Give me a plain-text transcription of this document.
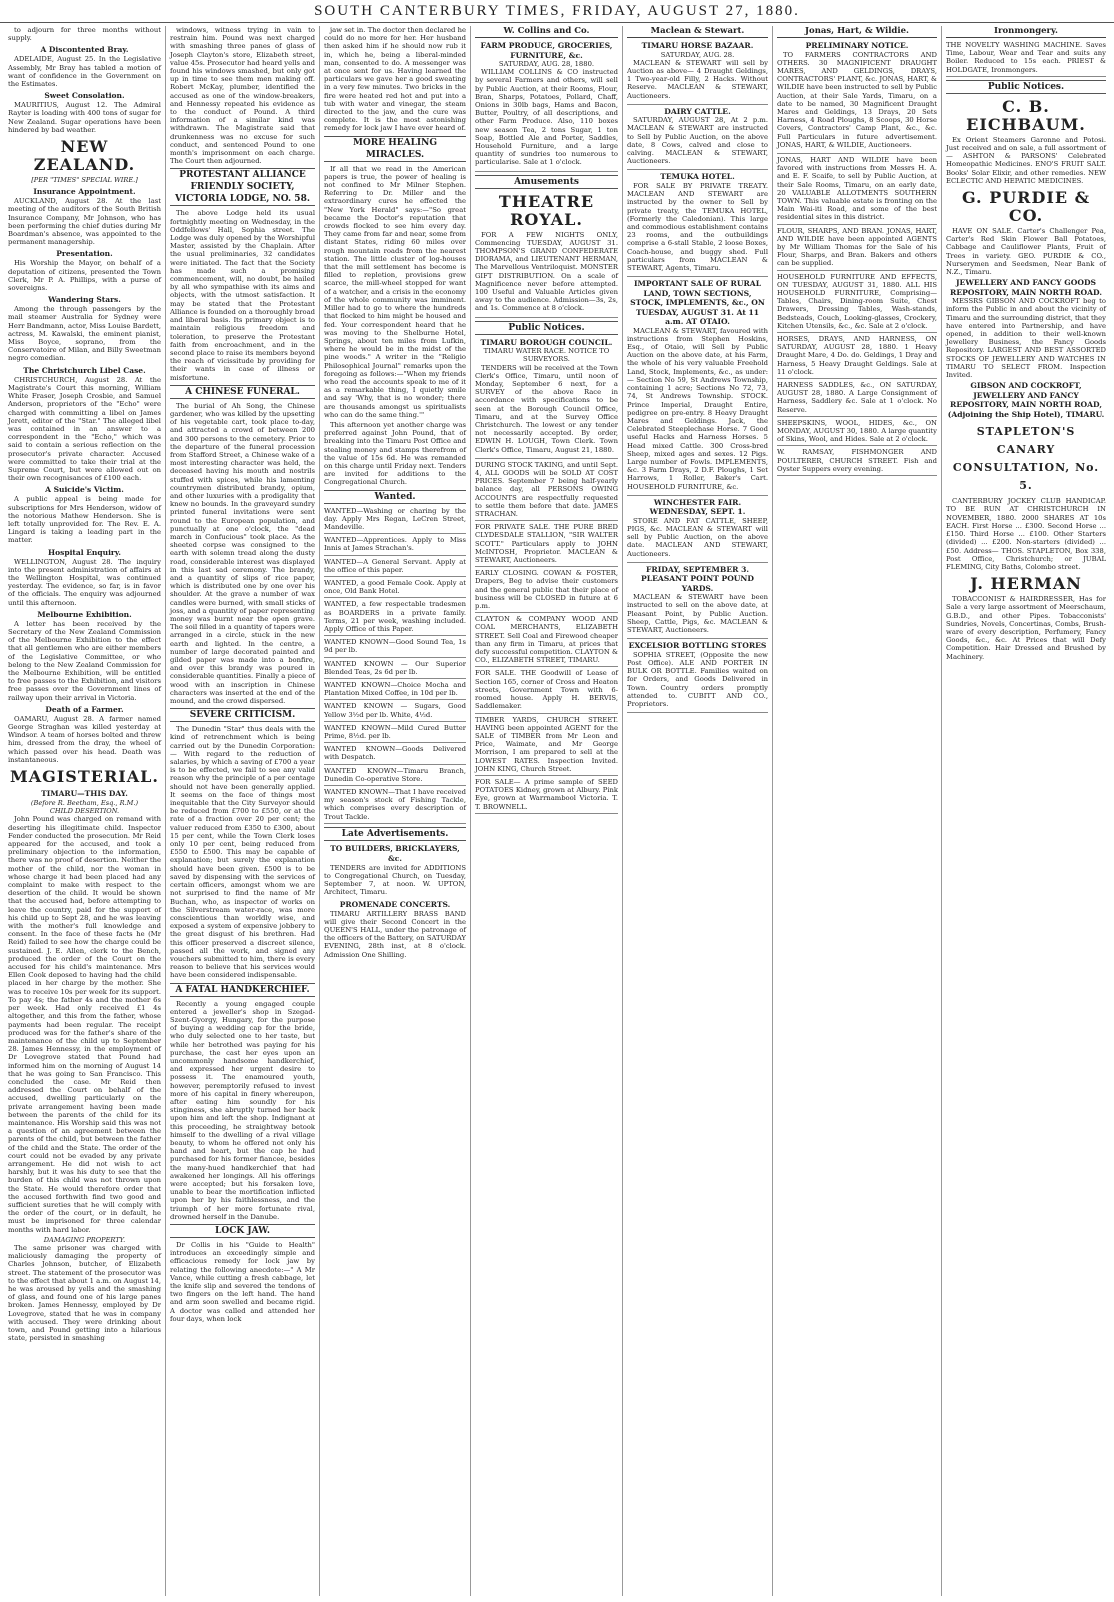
SOUTH CANTERBURY TIMES, FRIDAY, AUGUST 27, 1880.

to adjourn for three months without supply.

A Discontented Bray.

ADELAIDE, August 25. In the Legislative Assembly, Mr Bray has tabled a motion of want of confidence in the Government on the Estimates.

Sweet Consolation.

MAURITIUS, August 12. The Admiral Rayter is loading with 400 tons of sugar for New Zealand. Sugar operations have been hindered by bad weather.

NEW ZEALAND.
[PER "TIMES" SPECIAL WIRE.]
Insurance Appointment.

AUCKLAND, August 28. At the last meeting of the auditors of the South British Insurance Company, Mr Johnson, who has been performing the chief duties during Mr Boardman's absence, was appointed to the permanent managership.

Presentation.

His Worship the Mayor, on behalf of a deputation of citizens, presented the Town Clerk, Mr P. A. Phillips, with a purse of sovereigns.

Wandering Stars.

Among the through passengers by the mail steamer Australia for Sydney were Herr Bandmann, actor, Miss Louise Bardett, actress, M. Kawalski, the eminent pianist, Miss Boyce, soprano, from the Conservatoire of Milan, and Billy Sweetman negro comedian.

The Christchurch Libel Case.

CHRISTCHURCH, August 28. At the Magistrate's Court this morning, William White Fraser, Joseph Crosbie, and Samuel Anderson, proprietors of the "Echo" were charged with committing a libel on James Jerett, editor of the "Star." The alleged libel was contained in an answer to a correspondent in the "Echo," which was said to contain a serious reflection on the prosecutor's private character. Accused were committed to take their trial at the Supreme Court, but were allowed out on their own recognisances of £100 each.

A Suicide's Victim.

A public appeal is being made for subscriptions for Mrs Henderson, widow of the notorious Mathew Henderson. She is left totally unprovided for. The Rev. E. A. Lingard is taking a leading part in the matter.

Hospital Enquiry.

WELLINGTON, August 28. The inquiry into the present administration of affairs at the Wellington Hospital, was continued yesterday. The evidence, so far, is in favor of the officials. The enquiry was adjourned until this afternoon.

Melbourne Exhibition.

A letter has been received by the Secretary of the New Zealand Commission of the Melbourne Exhibition to the effect that all gentlemen who are either members of the Legislative Committee, or who belong to the New Zealand Commission for the Melbourne Exhibition, will be entitled to free passes to the Exhibition, and visitors free passes over the Government lines of railway upon their arrival in Victoria.

Death of a Farmer.

OAMARU, August 28. A farmer named George Straghan was killed yesterday at Windsor. A team of horses bolted and threw him, dressed from the dray, the wheel of which passed over his head. Death was instantaneous.

MAGISTERIAL.
TIMARU—THIS DAY.
(Before R. Beetham, Esq., R.M.)
CHILD DESERTION.

John Pound was charged on remand with deserting his illegitimate child. Inspector Fender conducted the prosecution. Mr Reid appeared for the accused, and took a preliminary objection to the information, there was no proof of desertion. Neither the mother of the child, nor the woman in whose charge it had been placed had any complaint to make with respect to the desertion of the child. It would be shown that the accused had, before attempting to leave the country, paid for the support of his child up to Sept 28, and he was leaving with the mother's full knowledge and consent. In the face of these facts he (Mr Reid) failed to see how the charge could be sustained. J. E. Allen, clerk to the Bench, produced the order of the Court on the accused for his child's maintenance. Mrs Ellen Cook deposed to having had the child placed in her charge by the mother. She was to receive 10s per week for its support. To pay 4s; the father 4s and the mother 6s per week. Had only received £1 4s altogether, and this from the father, whose payments had been regular. The receipt produced was for the father's share of the maintenance of the child up to September 28. James Hennessy, in the employment of Dr Lovegrove stated that Pound had informed him on the morning of August 14 that he was going to San Francisco. This concluded the case. Mr Reid then addressed the Court on behalf of the accused, dwelling particularly on the private arrangement having been made between the parents of the child for its maintenance. His Worship said this was not a question of an agreement between the parents of the child, but between the father of the child and the State. The order of the court could not be evaded by any private arrangement. He did not wish to act harshly, but it was his duty to see that the burden of this child was not thrown upon the State. He would therefore order that the accused forthwith find two good and sufficient sureties that he will comply with the order of the court, or in default, he must be imprisoned for three calendar months with hard labor.

DAMAGING PROPERTY.

The same prisoner was charged with maliciously damaging the property of Charles Johnson, butcher, of Elizabeth street. The statement of the prosecutor was to the effect that about 1 a.m. on August 14, he was aroused by yells and the smashing of glass, and found one of his large panes broken. James Hennessy, employed by Dr Lovegrove, stated that he was in company with accused. They were drinking about town, and Pound getting into a hilarious state, persisted in smashing

windows, witness trying in vain to restrain him. Pound was next charged with smashing three panes of glass of Joseph Clayton's store, Elizabeth street, value 45s. Prosecutor had heard yells and found his windows smashed, but only got up in time to see them men making off. Robert McKay, plumber, identified the accused as one of the window-breakers, and Hennessy repeated his evidence as to the conduct of Pound. A third information of a similar kind was withdrawn. The Magistrate said that drunkenness was no excuse for such conduct, and sentenced Pound to one month's imprisonment on each charge. The Court then adjourned.

PROTESTANT ALLIANCE FRIENDLY SOCIETY, VICTORIA LODGE, NO. 58.

The above Lodge held its usual fortnightly meeting on Wednesday, in the Oddfellows' Hall, Sophia street. The Lodge was duly opened by the Worshipful Master, assisted by the Chaplain. After the usual preliminaries, 32 candidates were initiated. The fact that the Society has made such a promising commencement, will, no doubt, be hailed by all who sympathise with its aims and objects, with the utmost satisfaction. It may be stated that the Protestant Alliance is founded on a thoroughly broad and liberal basis. Its primary object is to maintain religious freedom and toleration, to preserve the Protestant faith from encroachment, and in the second place to raise its members beyond the reach of vicissitude by providing for their wants in case of illness or misfortune.

A CHINESE FUNERAL.

The burial of Ah Song, the Chinese gardener, who was killed by the upsetting of his vegetable cart, took place to-day, and attracted a crowd of between 200 and 300 persons to the cemetery. Prior to the departure of the funeral procession from Stafford Street, a Chinese wake of a most interesting character was held, the deceased having his mouth and nostrils stuffed with spices, while his lamenting countrymen distributed brandy, opium, and other luxuries with a prodigality that knew no bounds. In the graveyard sundry printed funeral invitations were sent round to the European population, and punctually at one o'clock, the "dead march in Confucious" took place. As the sheeted corpse was consigned to the earth with solemn tread along the dusty road, considerable interest was displayed in this last sad ceremony. The brandy, and a quantity of slips of rice paper, which is distributed one by one over his shoulder. At the grave a number of wax candles were burned, with small sticks of joss, and a quantity of paper representing money was burnt near the open grave. The soil filled in a quantity of tapers were arranged in a circle, stuck in the new earth and lighted. In the centre, a number of large decorated painted and gilded paper was made into a bonfire, and over this brandy was poured in considerable quantities. Finally a piece of wood with an inscription in Chinese characters was inserted at the end of the mound, and the crowd dispersed.

SEVERE CRITICISM.

The Dunedin "Star" thus deals with the kind of retrenchment which is being carried out by the Dunedin Corporation:— With regard to the reduction of salaries, by which a saving of £700 a year is to be effected, we fail to see any valid reason why the principle of a per centage should not have been generally applied. It seems on the face of things most inequitable that the City Surveyor should be reduced from £700 to £550, or at the rate of a fraction over 20 per cent; the valuer reduced from £350 to £300, about 15 per cent, while the Town Clerk loses only 10 per cent, being reduced from £550 to £500. This may be capable of explanation; but surely the explanation should have been given. £500 is to be saved by dispensing with the services of certain officers, amongst whom we are not surprised to find the name of Mr Buchan, who, as inspector of works on the Silverstream water-race, was more conscientious than worldly wise, and exposed a system of expensive jobbery to the great disgust of his brethren. Had this officer preserved a discreet silence, passed all the work, and signed any vouchers submitted to him, there is every reason to believe that his services would have been considered indispensable.

A FATAL HANDKERCHIEF.

Recently a young engaged couple entered a jeweller's shop in Szegad-Szent-Gyorgy, Hungary, for the purpose of buying a wedding cap for the bride, who duly selected one to her taste, but while her betrothed was paying for his purchase, the cast her eyes upon an uncommonly handsome handkerchief, and expressed her urgent desire to possess it. The enamoured youth, however, peremptorily refused to invest more of his capital in finery whereupon, after eating him soundly for his stinginess, she abruptly turned her back upon him and left the shop. Indignant at this proceeding, he straightway betook himself to the dwelling of a rival village beauty, to whom he offered not only his hand and heart, but the cap he had purchased for his former fiancee, besides the many-hued handkerchief that had awakened her longings. All his offerings were accepted; but his forsaken love, unable to bear the mortification inflicted upon her by his faithlessness, and the triumph of her more fortunate rival, drowned herself in the Danube.

LOCK JAW.

Dr Collis in his "Guide to Health" introduces an exceedingly simple and efficacious remedy for lock jaw by relating the following anecdote:—" A Mr Vance, while cutting a fresh cabbage, let the knife slip and severed the tendons of two fingers on the left hand. The hand and arm soon swelled and became rigid. A doctor was called and attended her four days, when lock

jaw set in. The doctor then declared he could do no more for her. Her husband then asked him if he should now rub it in, which he, being a liberal-minded man, consented to do. A messenger was at once sent for us. Having learned the particulars we gave her a good sweating in a very few minutes. Two bricks in the fire were heated red hot and put into a tub with water and vinegar, the steam directed to the jaw, and the cure was complete. It is the most astonishing remedy for lock jaw I have ever heard of.

MORE HEALING MIRACLES.

If all that we read in the American papers is true, the power of healing is not confined to Mr Milner Stephen. Referring to Dr. Miller and the extraordinary cures he effected the "New York Herald" says:—"So great became the Doctor's reputation that crowds flocked to see him every day. They came from far and near, some from distant States, riding 60 miles over rough mountain roads from the nearest station. The little cluster of log-houses that the mill settlement has become is filled to repletion, provisions grew scarce, the mill-wheel stopped for want of a watcher, and a crisis in the economy of the whole community was imminent. Miller had to go to where the hundreds that flocked to him might be housed and fed. Your correspondent heard that he was moving to the Shelburne Hotel, Springs, about ten miles from Lufkin, where he would be in the midst of the pine woods." A writer in the "Religio Philosophical Journal" remarks upon the foregoing as follows:—"When my friends who read the accounts speak to me of it as a remarkable thing, I quietly smile and say 'Why, that is no wonder; there are thousands amongst us spiritualists who can do the same thing.'"

This afternoon yet another charge was preferred against John Pound, that of breaking into the Timaru Post Office and stealing money and stamps therefrom of the value of 15s 6d. He was remanded on this charge until Friday next. Tenders are invited for additions to the Congregational Church.

Wanted.
WANTED—Washing or charing by the day. Apply Mrs Regan, LeCren Street, Mandeville.
WANTED—Apprentices. Apply to Miss Innis at James Strachan's.
WANTED—A General Servant. Apply at the office of this paper.
WANTED, a good Female Cook. Apply at once, Old Bank Hotel.
WANTED, a few respectable tradesmen as BOARDERS in a private family. Terms, 21 per week, washing included. Apply Office of this Paper.
WANTED KNOWN—Good Sound Tea, 1s 9d per lb.
WANTED KNOWN — Our Superior Blended Teas, 2s 6d per lb.
WANTED KNOWN—Choice Mocha and Plantation Mixed Coffee, in 10d per lb.
WANTED KNOWN — Sugars, Good Yellow 3½d per lb. White, 4½d.
WANTED KNOWN—Mild Cured Butter Prime, 8½d. per lb.
WANTED KNOWN—Goods Delivered with Despatch.
WANTED KNOWN—Timaru Branch, Dunedin Co-operative Store.
WANTED KNOWN—That I have received my season's stock of Fishing Tackle, which comprises every description of Trout Tackle.
Late Advertisements.
TO BUILDERS, BRICKLAYERS, &c.

TENDERS are invited for ADDITIONS to Congregational Church, on Tuesday, September 7, at noon. W. UPTON, Architect, Timaru.

PROMENADE CONCERTS.

TIMARU ARTILLERY BRASS BAND will give their Second Concert in the QUEEN'S HALL, under the patronage of the officers of the Battery, on SATURDAY EVENING, 28th inst, at 8 o'clock. Admission One Shilling.

W. Collins and Co.
FARM PRODUCE, GROCERIES, FURNITURE, &c.
SATURDAY, AUG. 28, 1880.

WILLIAM COLLINS & CO instructed by several Farmers and others, will sell by Public Auction, at their Rooms, Flour, Bran, Sharps, Potatoes, Pollard, Chaff, Onions in 30lb bags, Hams and Bacon, Butter, Poultry, of all descriptions, and other Farm Produce. Also, 110 boxes new season Tea, 2 tons Sugar, 1 ton Soap, Bottled Ale and Porter, Saddles, Household Furniture, and a large quantity of sundries too numerous to particularise. Sale at 1 o'clock.

Amusements
THEATRE ROYAL.

FOR A FEW NIGHTS ONLY, Commencing TUESDAY, AUGUST 31. THOMPSON'S GRAND CONFEDERATE DIORAMA, and LIEUTENANT HERMAN, The Marvellous Ventriloquist. MONSTER GIFT DISTRIBUTION. On a scale of Magnificence never before attempted. 100 Useful and Valuable Articles given away to the audience. Admission—3s, 2s, and 1s. Commence at 8 o'clock.

Public Notices.
TIMARU BOROUGH COUNCIL.
TIMARU WATER RACE. NOTICE TO SURVEYORS.

TENDERS will be received at the Town Clerk's Office, Timaru, until noon of Monday, September 6 next, for a SURVEY of the above Race in accordance with specifications to be seen at the Borough Council Office, Timaru, and at the Survey Office Christchurch. The lowest or any tender not necessarily accepted. By order, EDWIN H. LOUGH, Town Clerk. Town Clerk's Office, Timaru, August 21, 1880.

DURING STOCK TAKING, and until Sept. 4, ALL GOODS will be SOLD AT COST PRICES. September 7 being half-yearly balance day, all PERSONS OWING ACCOUNTS are respectfully requested to settle them before that date. JAMES STRACHAN.
FOR PRIVATE SALE. THE PURE BRED CLYDESDALE STALLION, "SIR WALTER SCOTT." Particulars apply to JOHN McINTOSH, Proprietor. MACLEAN & STEWART, Auctioneers.
EARLY CLOSING. COWAN & FOSTER, Drapers, Beg to advise their customers and the general public that their place of business will be CLOSED in future at 6 p.m.
CLAYTON & COMPANY WOOD AND COAL MERCHANTS, ELIZABETH STREET. Sell Coal and Firewood cheaper than any firm in Timaru, at prices that defy successful competition. CLAYTON & CO., ELIZABETH STREET, TIMARU.
FOR SALE. THE Goodwill of Lease of Section 165, corner of Cross and Heaton streets, Government Town with 6-roomed house. Apply H. BERVIS, Saddlemaker.
TIMBER YARDS, CHURCH STREET. HAVING been appointed AGENT for the SALE of TIMBER from Mr Leon and Price, Waimate, and Mr George Morrison, I am prepared to sell at the LOWEST RATES. Inspection Invited. JOHN KING, Church Street.
FOR SALE— A prime sample of SEED POTATOES Kidney, grown at Albury. Pink Eye, grown at Warrnambool Victoria. T. T. BROWNELL.
Maclean & Stewart.
TIMARU HORSE BAZAAR.
SATURDAY, AUG. 28.

MACLEAN & STEWART will sell by Auction as above— 4 Draught Geldings, 1 Two-year-old Filly, 2 Hacks. Without Reserve. MACLEAN & STEWART, Auctioneers.

DAIRY CATTLE.

SATURDAY, AUGUST 28, At 2 p.m. MACLEAN & STEWART are instructed to Sell by Public Auction, on the above date, 8 Cows, calved and close to calving. MACLEAN & STEWART, Auctioneers.

TEMUKA HOTEL.

FOR SALE BY PRIVATE TREATY. MACLEAN AND STEWART are instructed by the owner to Sell by private treaty, the TEMUKA HOTEL, (Formerly the Caledonian). This large and commodious establishment contains 23 rooms, and the outbuildings comprise a 6-stall Stable, 2 loose Boxes, Coach-house, and buggy shed. Full particulars from MACLEAN & STEWART, Agents, Timaru.

IMPORTANT SALE OF RURAL LAND, TOWN SECTIONS, STOCK, IMPLEMENTS, &c., ON TUESDAY, AUGUST 31. At 11 a.m. AT OTAIO.

MACLEAN & STEWART, favoured with instructions from Stephen Hoskins, Esq., of Otaio, will Sell by Public Auction on the above date, at his Farm, the whole of his very valuable Freehold Land, Stock, Implements, &c., as under:— Section No 59, St Andrews Township, containing 1 acre; Sections No 72, 73, 74, St Andrews Township. STOCK. Prince Imperial, Draught Entire, pedigree on pre-entry. 8 Heavy Draught Mares and Geldings. Jack, the Celebrated Steeplechase Horse. 7 Good useful Hacks and Harness Horses. 5 Head mixed Cattle. 300 Cross-bred Sheep, mixed ages and sexes. 12 Pigs. Large number of Fowls. IMPLEMENTS, &c. 3 Farm Drays, 2 D.F. Ploughs, 1 Set Harrows, 1 Roller, Baker's Cart. HOUSEHOLD FURNITURE, &c.

WINCHESTER FAIR. WEDNESDAY, SEPT. 1.

STORE AND FAT CATTLE, SHEEP, PIGS, &c. MACLEAN & STEWART will sell by Public Auction, on the above date. MACLEAN AND STEWART, Auctioneers.

FRIDAY, SEPTEMBER 3. PLEASANT POINT POUND YARDS.

MACLEAN & STEWART have been instructed to sell on the above date, at Pleasant Point, by Public Auction. Sheep, Cattle, Pigs, &c. MACLEAN & STEWART, Auctioneers.

EXCELSIOR BOTTLING STORES

SOPHIA STREET, (Opposite the new Post Office). ALE AND PORTER IN BULK OR BOTTLE. Families waited on for Orders, and Goods Delivered in Town. Country orders promptly attended to. CUBITT AND CO., Proprietors.

Jonas, Hart, & Wildie.
PRELIMINARY NOTICE.

TO FARMERS CONTRACTORS AND OTHERS. 30 MAGNIFICENT DRAUGHT MARES, AND GELDINGS, DRAYS, CONTRACTORS' PLANT, &c. JONAS, HART, & WILDIE have been instructed to sell by Public Auction, at their Sale Yards, Timaru, on a date to be named, 30 Magnificent Draught Mares and Geldings, 13 Drays, 20 Sets Harness, 4 Road Ploughs, 8 Scoops, 30 Horse Covers, Contractors' Camp Plant, &c., &c. Full Particulars in future advertisement. JONAS, HART, & WILDIE, Auctioneers.

JONAS, HART AND WILDIE have been favored with instructions from Messrs H. A. and E. F. Scaife, to sell by Public Auction, at their Sale Rooms, Timaru, on an early date, 20 VALUABLE ALLOTMENTS SOUTHERN TOWN. This valuable estate is fronting on the Main Wai-iti Road, and some of the best residential sites in this district.
FLOUR, SHARPS, AND BRAN. JONAS, HART, AND WILDIE have been appointed AGENTS by Mr William Thomas for the Sale of his Flour, Sharps, and Bran. Bakers and others can be supplied.
HOUSEHOLD FURNITURE AND EFFECTS, ON TUESDAY, AUGUST 31, 1880. ALL HIS HOUSEHOLD FURNITURE, Comprising— Tables, Chairs, Dining-room Suite, Chest Drawers, Dressing Tables, Wash-stands, Bedsteads, Couch, Looking-glasses, Crockery, Kitchen Utensils, &c., &c. Sale at 2 o'clock.
HORSES, DRAYS, AND HARNESS, ON SATURDAY, AUGUST 28, 1880. 1 Heavy Draught Mare, 4 Do. do. Geldings, 1 Dray and Harness, 5 Heavy Draught Geldings. Sale at 11 o'clock.
HARNESS SADDLES, &c., ON SATURDAY, AUGUST 28, 1880. A Large Consignment of Harness, Saddlery &c. Sale at 1 o'clock. No Reserve.
SHEEPSKINS, WOOL, HIDES, &c., ON MONDAY, AUGUST 30, 1880. A large quantity of Skins, Wool, and Hides. Sale at 2 o'clock.
W. RAMSAY, FISHMONGER AND POULTERER, CHURCH STREET. Fish and Oyster Suppers every evening.
Ironmongery.
THE NOVELTY WASHING MACHINE. Saves Time, Labour, Wear and Tear and suits any Boiler. Reduced to 15s each. PRIEST & HOLDGATE, Ironmongers.
Public Notices.
C. B. EICHBAUM.

Ex Orient Steamers Garonne and Potosi. Just received and on sale, a full assortment of— ASHTON & PARSONS' Celebrated Homeopathic Medicines. ENO'S FRUIT SALT. Books' Solar Elixir, and other remedies. NEW ECLECTIC AND HEPATIC MEDICINES.

G. PURDIE & CO.

HAVE ON SALE. Carter's Challenger Pea, Carter's Red Skin Flower Ball Potatoes, Cabbage and Cauliflower Plants, Fruit of Trees in variety. GEO. PURDIE & CO., Nurserymen and Seedsmen, Near Bank of N.Z., Timaru.

JEWELLERY AND FANCY GOODS REPOSITORY, MAIN NORTH ROAD.

MESSRS GIBSON AND COCKROFT beg to inform the Public in and about the vicinity of Timaru and the surrounding district, that they have entered into Partnership, and have opened, in addition to their well-known Jewellery Business, the Fancy Goods Repository. LARGEST AND BEST ASSORTED STOCKS OF JEWELLERY AND WATCHES IN TIMARU TO SELECT FROM. Inspection Invited.

GIBSON AND COCKROFT, JEWELLERY AND FANCY REPOSITORY, MAIN NORTH ROAD, (Adjoining the Ship Hotel), TIMARU.
STAPLETON'S CANARY CONSULTATION, No. 5.

CANTERBURY JOCKEY CLUB HANDICAP. TO BE RUN AT CHRISTCHURCH IN NOVEMBER, 1880. 2000 SHARES AT 10s EACH. First Horse ... £300. Second Horse ... £150. Third Horse ... £100. Other Starters (divided) ... £200. Non-starters (divided) ... £50. Address— THOS. STAPLETON, Box 338, Post Office, Christchurch; or JUBAL FLEMING, City Baths, Colombo street.

J. HERMAN

TOBACCONIST & HAIRDRESSER, Has for Sale a very large assortment of Meerschaum, G.B.D., and other Pipes. Tobacconists' Sundries, Novels, Concertinas, Combs, Brush-ware of every description, Perfumery, Fancy Goods, &c., &c. At Prices that will Defy Competition. Hair Dressed and Brushed by Machinery.
